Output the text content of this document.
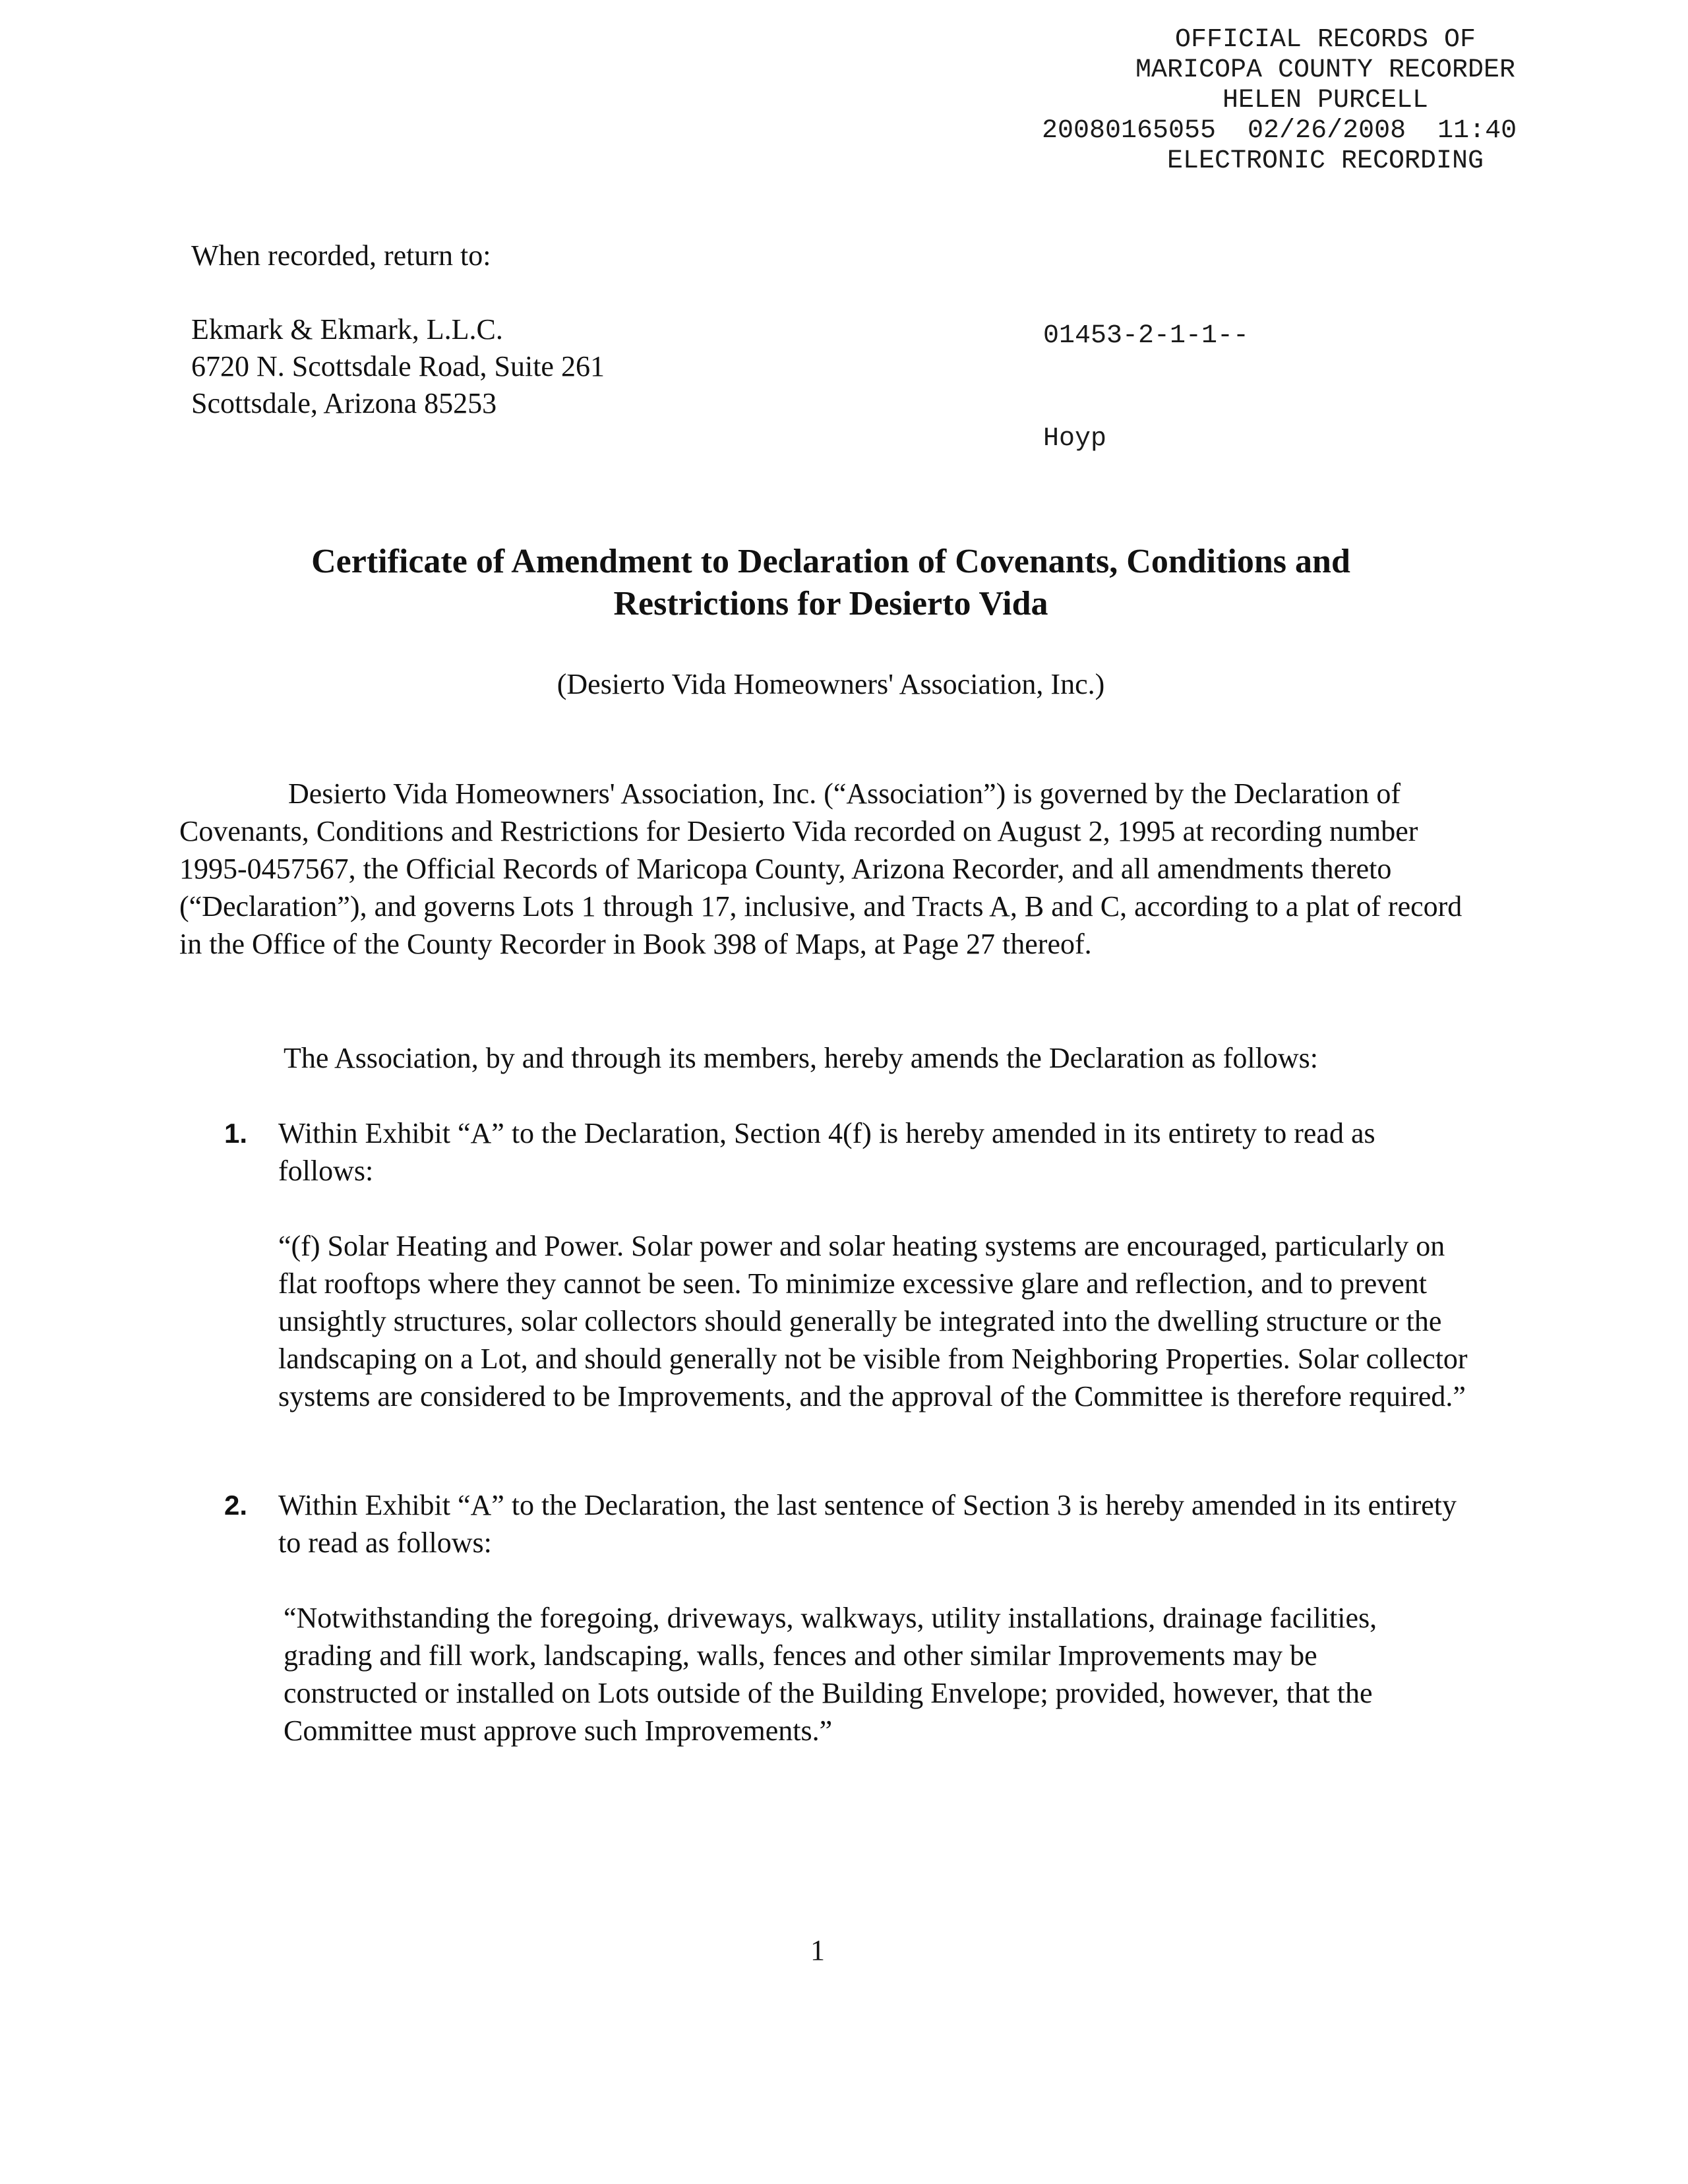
OFFICIAL RECORDS OF
MARICOPA COUNTY RECORDER
HELEN PURCELL
20080165055  02/26/2008  11:40
ELECTRONIC RECORDING

01453-2-1-1--

Hoyp

When recorded, return to:
Ekmark & Ekmark, L.L.C.
6720 N. Scottsdale Road, Suite 261
Scottsdale, Arizona 85253
Certificate of Amendment to Declaration of Covenants, Conditions and
Restrictions for Desierto Vida
(Desierto Vida Homeowners' Association, Inc.)
Desierto Vida Homeowners' Association, Inc. (“Association”) is governed by the Declaration of Covenants, Conditions and Restrictions for Desierto Vida recorded on August 2, 1995 at recording number 1995-0457567, the Official Records of Maricopa County, Arizona Recorder, and all amendments thereto (“Declaration”), and governs Lots 1 through 17, inclusive, and Tracts A, B and C, according to a plat of record in the Office of the County Recorder in Book 398 of Maps, at Page 27 thereof.
The Association, by and through its members, hereby amends the Declaration as follows:
1. Within Exhibit “A” to the Declaration, Section 4(f) is hereby amended in its entirety to read as follows:
“(f) Solar Heating and Power. Solar power and solar heating systems are encouraged, particularly on flat rooftops where they cannot be seen. To minimize excessive glare and reflection, and to prevent unsightly structures, solar collectors should generally be integrated into the dwelling structure or the landscaping on a Lot, and should generally not be visible from Neighboring Properties. Solar collector systems are considered to be Improvements, and the approval of the Committee is therefore required.”
2. Within Exhibit “A” to the Declaration, the last sentence of Section 3 is hereby amended in its entirety to read as follows:
“Notwithstanding the foregoing, driveways, walkways, utility installations, drainage facilities, grading and fill work, landscaping, walls, fences and other similar Improvements may be constructed or installed on Lots outside of the Building Envelope; provided, however, that the Committee must approve such Improvements.”
1
